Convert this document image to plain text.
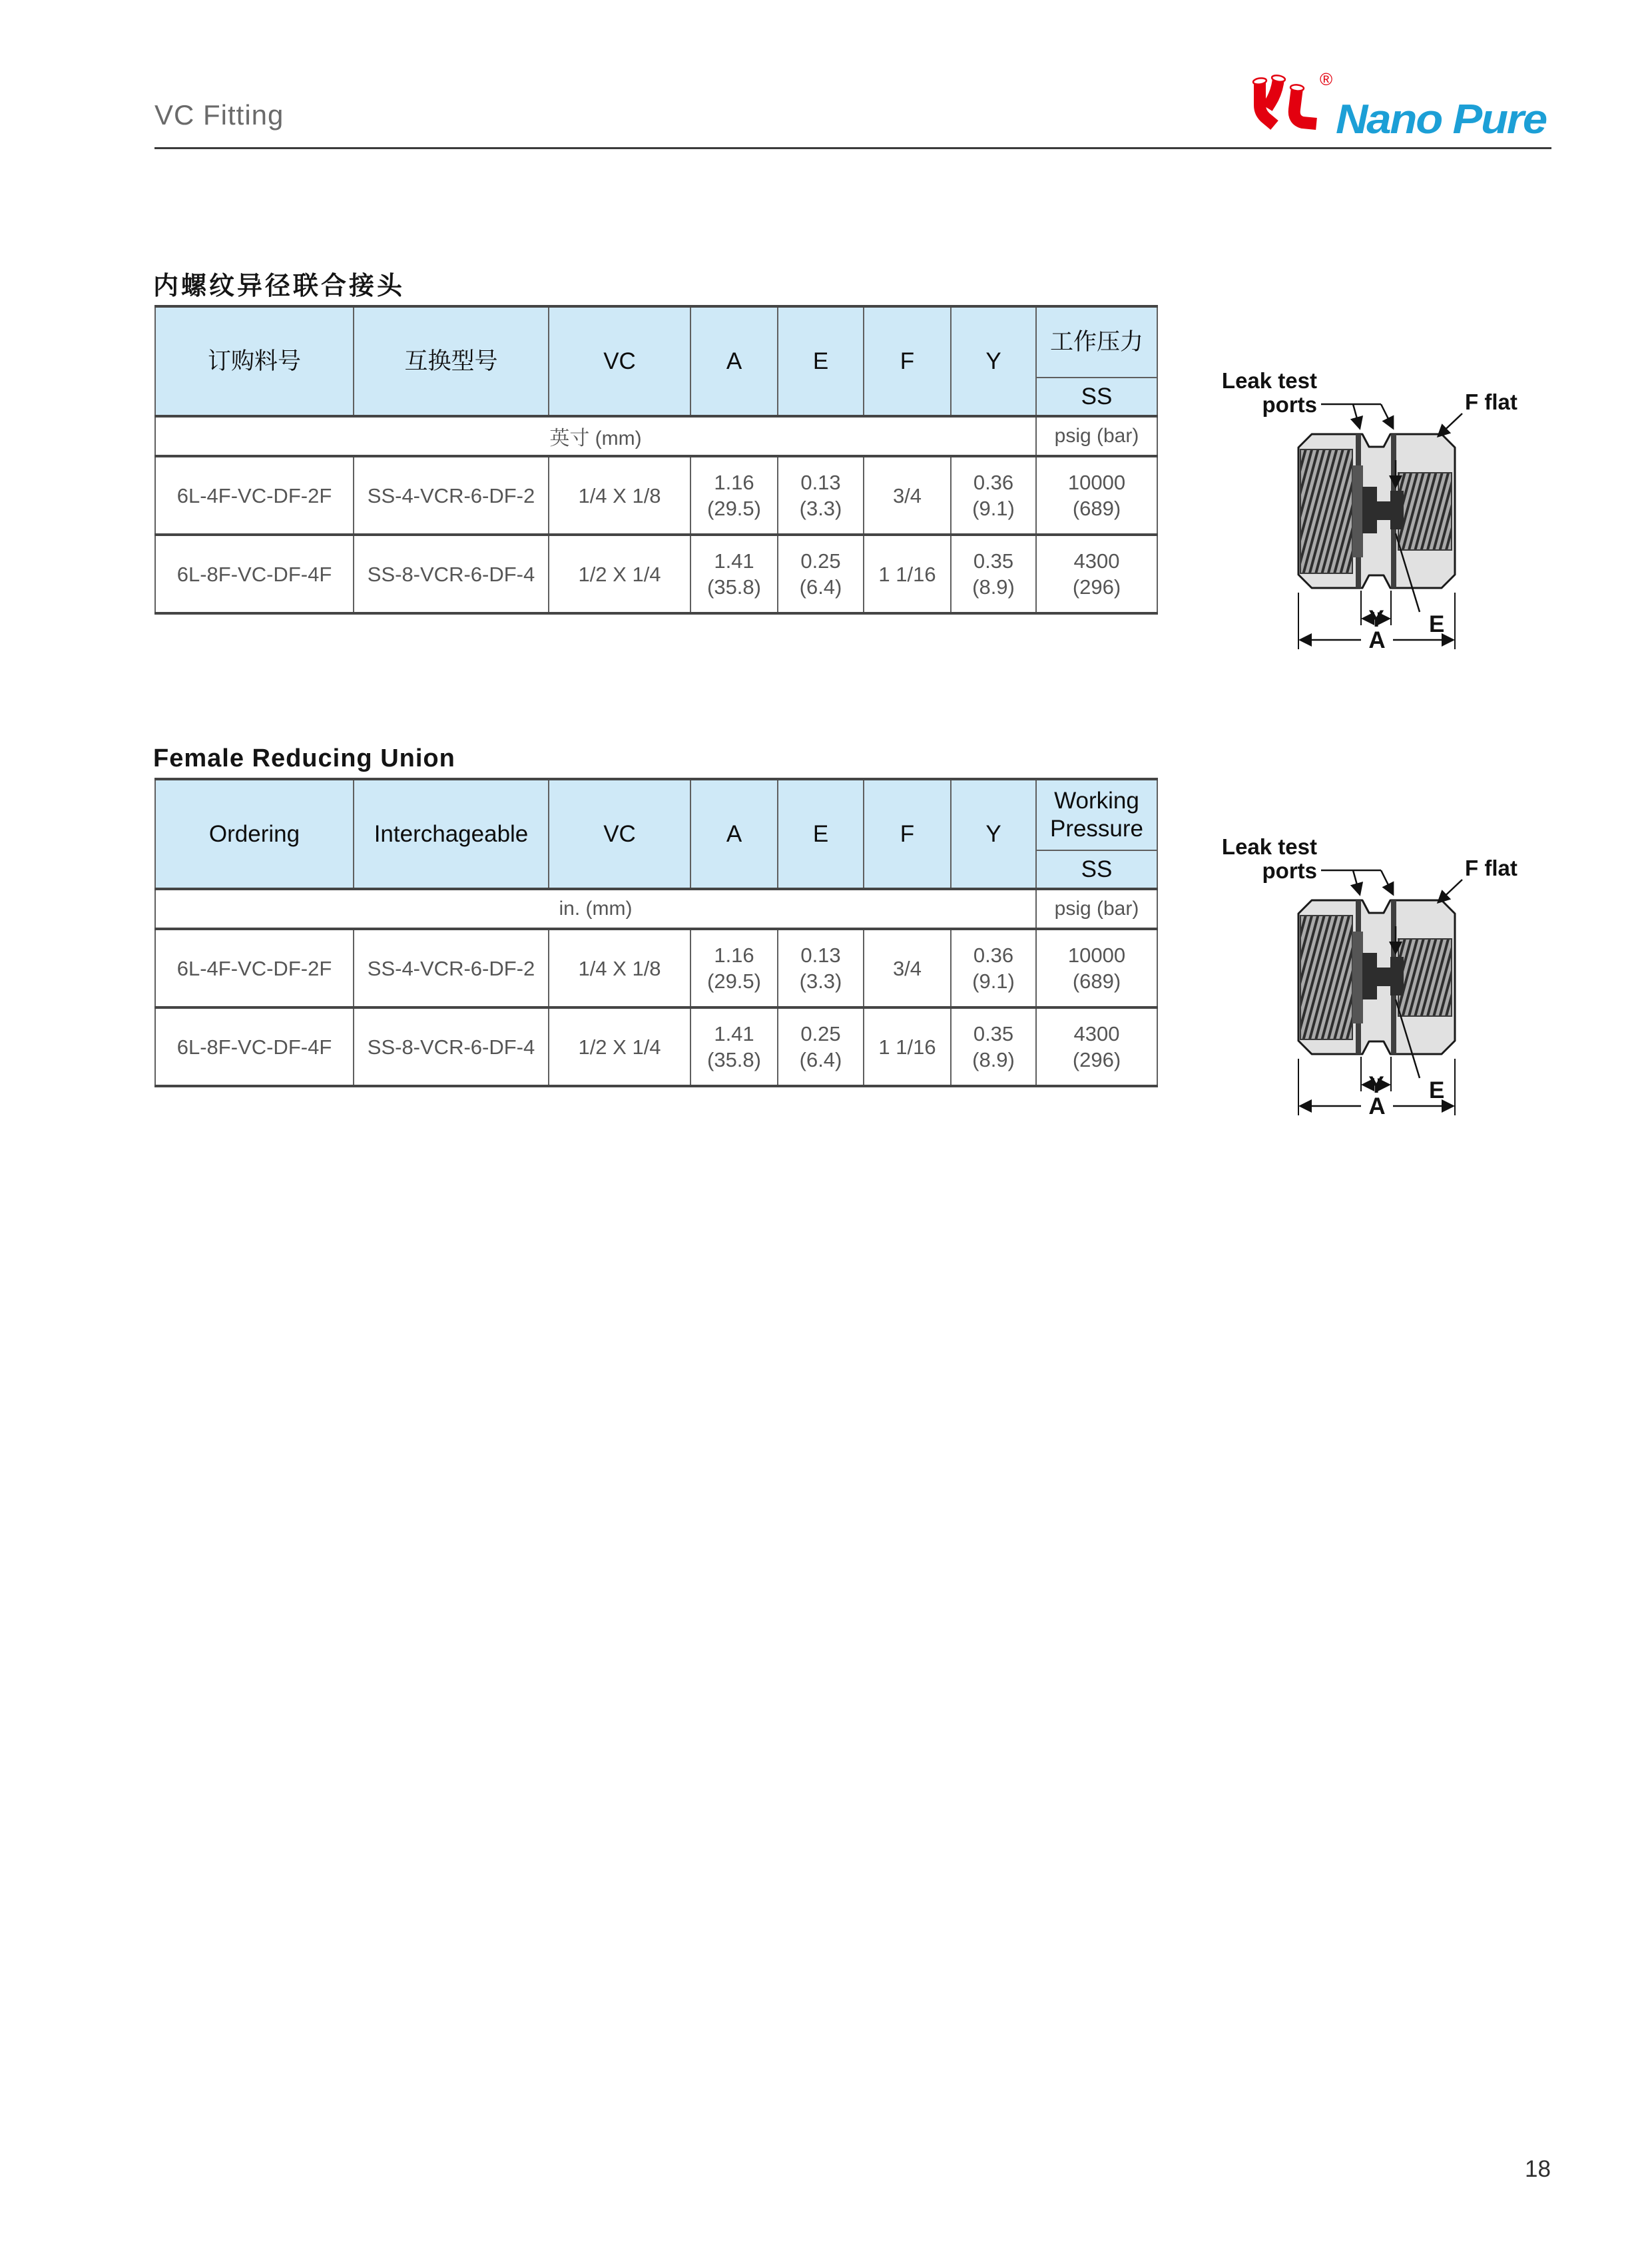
VC Fitting
®
Nano Pure
内螺纹异径联合接头
订购料号	互换型号	VC	A	E	F	Y	工作压力
							SS
英寸 (mm)							psig (bar)
6L-4F-VC-DF-2F	SS-4-VCR-6-DF-2	1/4 X 1/8	1.16
(29.5)	0.13
(3.3)	3/4	0.36
(9.1)	10000
(689)

6L-8F-VC-DF-4F	SS-8-VCR-6-DF-4	1/2 X 1/4	1.41
(35.8)	0.25
(6.4)	1 1/16	0.35
(8.9)	4300
(296)
Leak test
ports	F flat
Y E
A
Female Reducing Union
Ordering	Interchageable	VC	A	E	F	Y	Working Pressure
							SS
in. (mm)							psig (bar)
6L-4F-VC-DF-2F	SS-4-VCR-6-DF-2	1/4 X 1/8	1.16
(29.5)	0.13
(3.3)	3/4	0.36
(9.1)	10000
(689)

6L-8F-VC-DF-4F	SS-8-VCR-6-DF-4	1/2 X 1/4	1.41
(35.8)	0.25
(6.4)	1 1/16	0.35
(8.9)	4300
(296)
Leak test
ports	F flat
Y E
A
18
